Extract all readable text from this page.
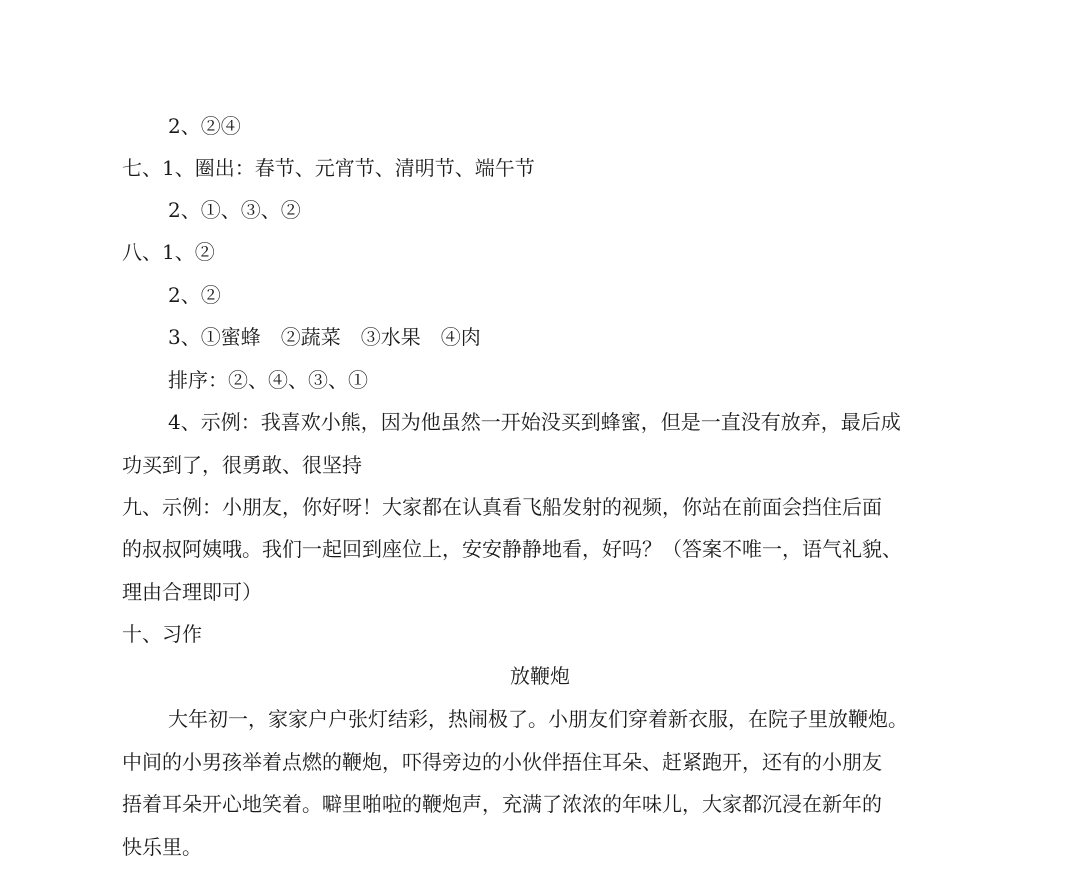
2、②④
七、1、圈出：春节、元宵节、清明节、端午节
2、①、③、②
八、1、②
2、②
3、①蜜蜂　②蔬菜　③水果　④肉
排序：②、④、③、①
4、示例：我喜欢小熊，因为他虽然一开始没买到蜂蜜，但是一直没有放弃，最后成
功买到了，很勇敢、很坚持
九、示例：小朋友，你好呀！大家都在认真看飞船发射的视频，你站在前面会挡住后面
的叔叔阿姨哦。我们一起回到座位上，安安静静地看，好吗？（答案不唯一，语气礼貌、
理由合理即可）
十、习作
放鞭炮
大年初一，家家户户张灯结彩，热闹极了。小朋友们穿着新衣服，在院子里放鞭炮。
中间的小男孩举着点燃的鞭炮，吓得旁边的小伙伴捂住耳朵、赶紧跑开，还有的小朋友
捂着耳朵开心地笑着。噼里啪啦的鞭炮声，充满了浓浓的年味儿，大家都沉浸在新年的
快乐里。
